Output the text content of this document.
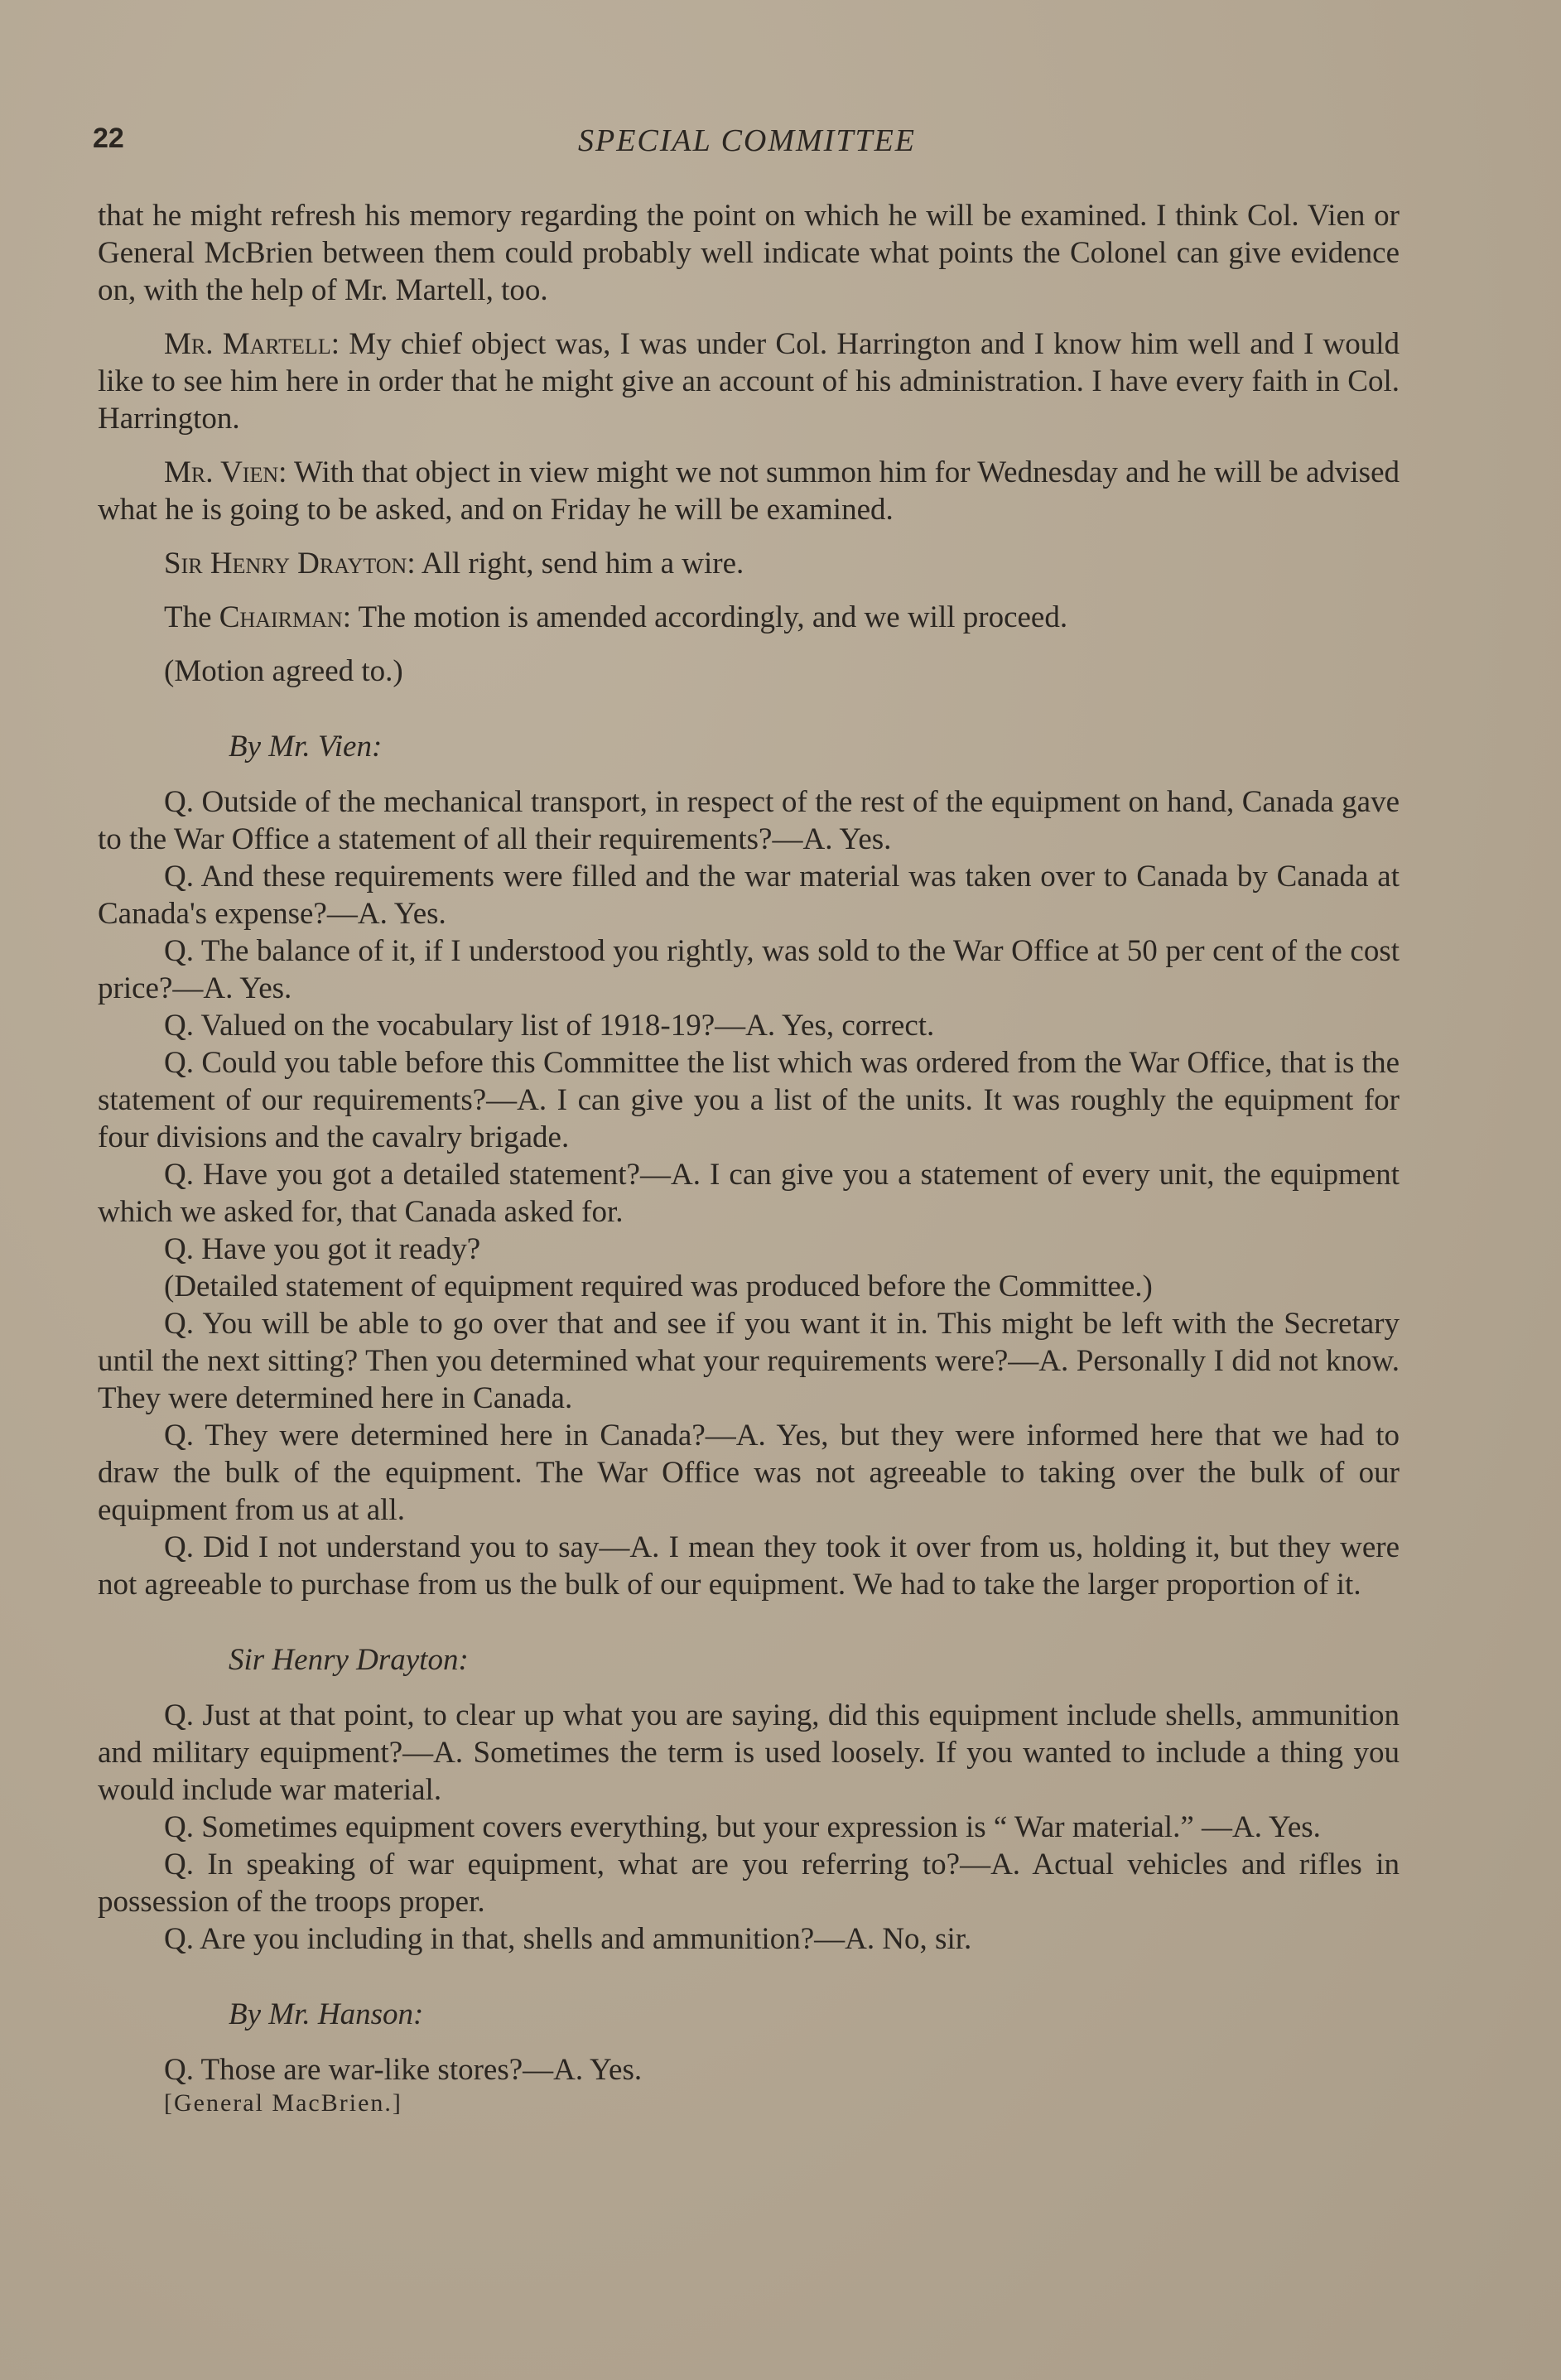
22	SPECIAL COMMITTEE

that he might refresh his memory regarding the point on which he will be examined. I think Col. Vien or General McBrien between them could probably well indicate what points the Colonel can give evidence on, with the help of Mr. Martell, too.

Mr. Martell: My chief object was, I was under Col. Harrington and I know him well and I would like to see him here in order that he might give an account of his administration. I have every faith in Col. Harrington.

Mr. Vien: With that object in view might we not summon him for Wednesday and he will be advised what he is going to be asked, and on Friday he will be examined.

Sir Henry Drayton: All right, send him a wire.

The Chairman: The motion is amended accordingly, and we will proceed.

(Motion agreed to.)

By Mr. Vien:

Q. Outside of the mechanical transport, in respect of the rest of the equipment on hand, Canada gave to the War Office a statement of all their requirements?—A. Yes.

Q. And these requirements were filled and the war material was taken over to Canada by Canada at Canada's expense?—A. Yes.

Q. The balance of it, if I understood you rightly, was sold to the War Office at 50 per cent of the cost price?—A. Yes.

Q. Valued on the vocabulary list of 1918-19?—A. Yes, correct.

Q. Could you table before this Committee the list which was ordered from the War Office, that is the statement of our requirements?—A. I can give you a list of the units. It was roughly the equipment for four divisions and the cavalry brigade.

Q. Have you got a detailed statement?—A. I can give you a statement of every unit, the equipment which we asked for, that Canada asked for.

Q. Have you got it ready?

(Detailed statement of equipment required was produced before the Committee.)

Q. You will be able to go over that and see if you want it in. This might be left with the Secretary until the next sitting? Then you determined what your requirements were?—A. Personally I did not know. They were determined here in Canada.

Q. They were determined here in Canada?—A. Yes, but they were informed here that we had to draw the bulk of the equipment. The War Office was not agreeable to taking over the bulk of our equipment from us at all.

Q. Did I not understand you to say—A. I mean they took it over from us, holding it, but they were not agreeable to purchase from us the bulk of our equipment. We had to take the larger proportion of it.

Sir Henry Drayton:

Q. Just at that point, to clear up what you are saying, did this equipment include shells, ammunition and military equipment?—A. Sometimes the term is used loosely. If you wanted to include a thing you would include war material.

Q. Sometimes equipment covers everything, but your expression is “ War material.” —A. Yes.

Q. In speaking of war equipment, what are you referring to?—A. Actual vehicles and rifles in possession of the troops proper.

Q. Are you including in that, shells and ammunition?—A. No, sir.

By Mr. Hanson:

Q. Those are war-like stores?—A. Yes.

[General MacBrien.]
